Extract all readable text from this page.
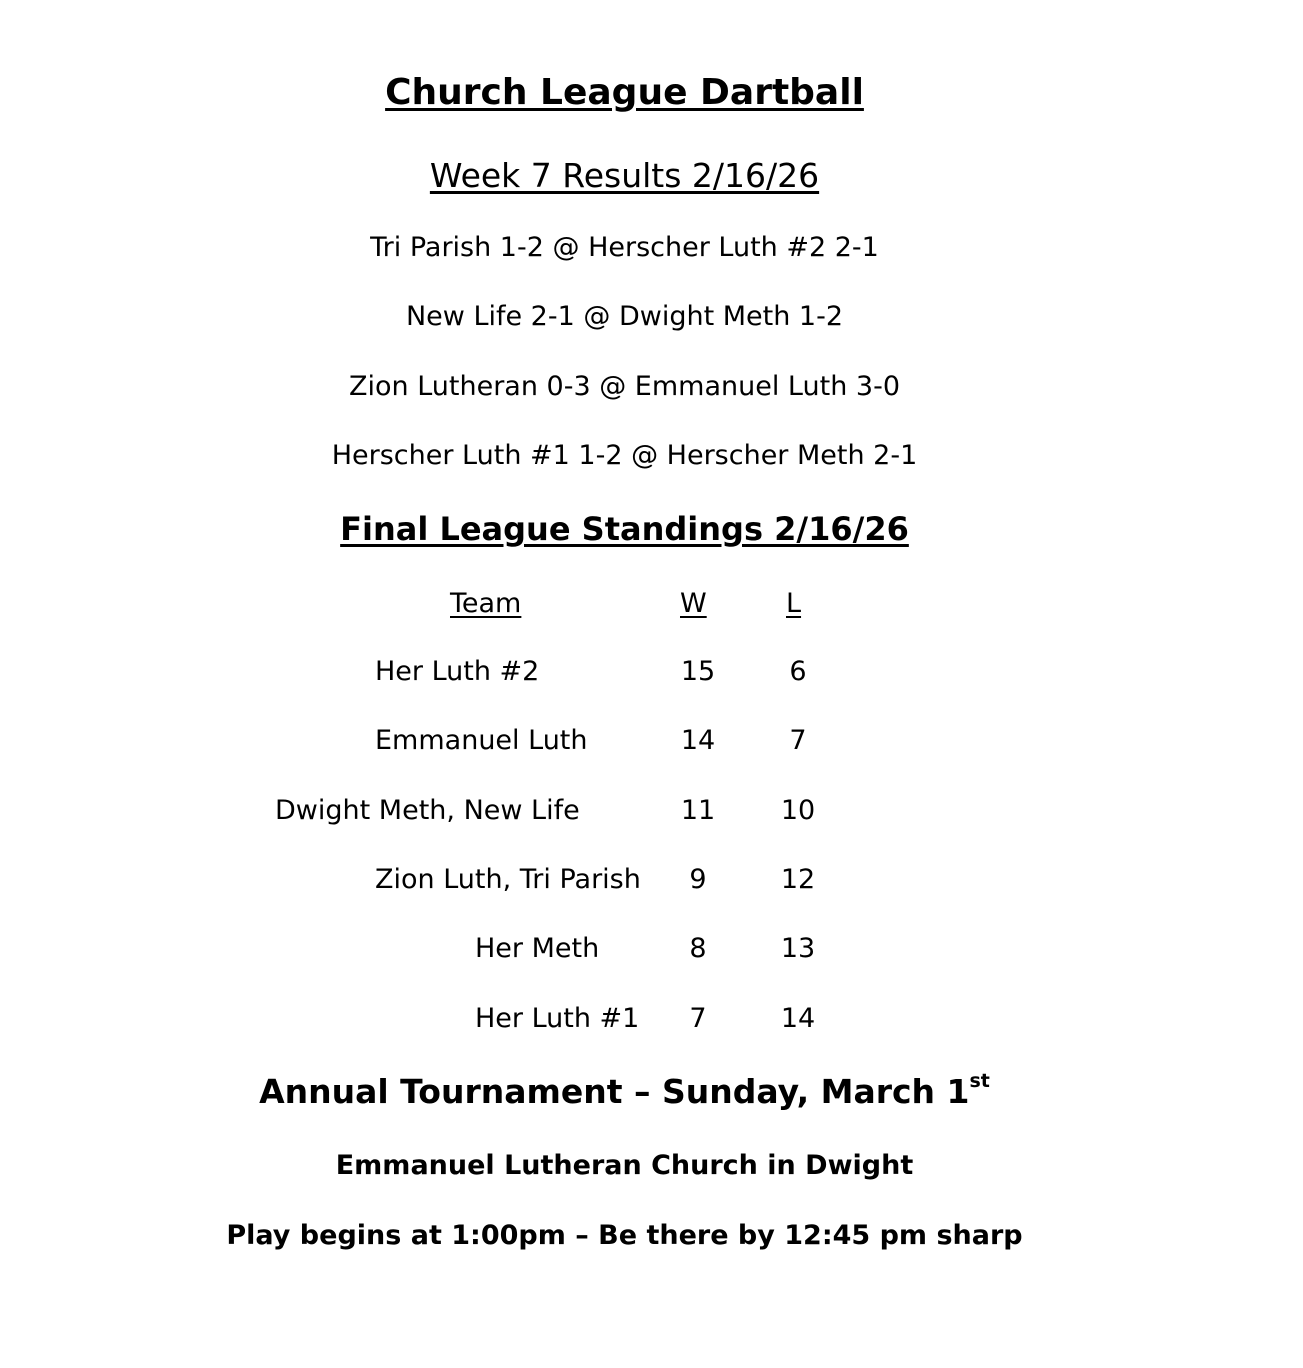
Church League Dartball
Week 7 Results 2/16/26
Tri Parish 1-2 @ Herscher Luth #2 2-1
New Life 2-1 @ Dwight Meth 1-2
Zion Lutheran 0-3 @ Emmanuel Luth 3-0
Herscher Luth #1 1-2 @ Herscher Meth 2-1
Final League Standings 2/16/26
Team	W	L
Her Luth #2	15	6
Emmanuel Luth	14	7
Dwight Meth, New Life	11	10
Zion Luth, Tri Parish	9	12
Her Meth	8	13
Her Luth #1	7	14
Annual Tournament – Sunday, March 1st
Emmanuel Lutheran Church in Dwight
Play begins at 1:00pm – Be there by 12:45 pm sharp
